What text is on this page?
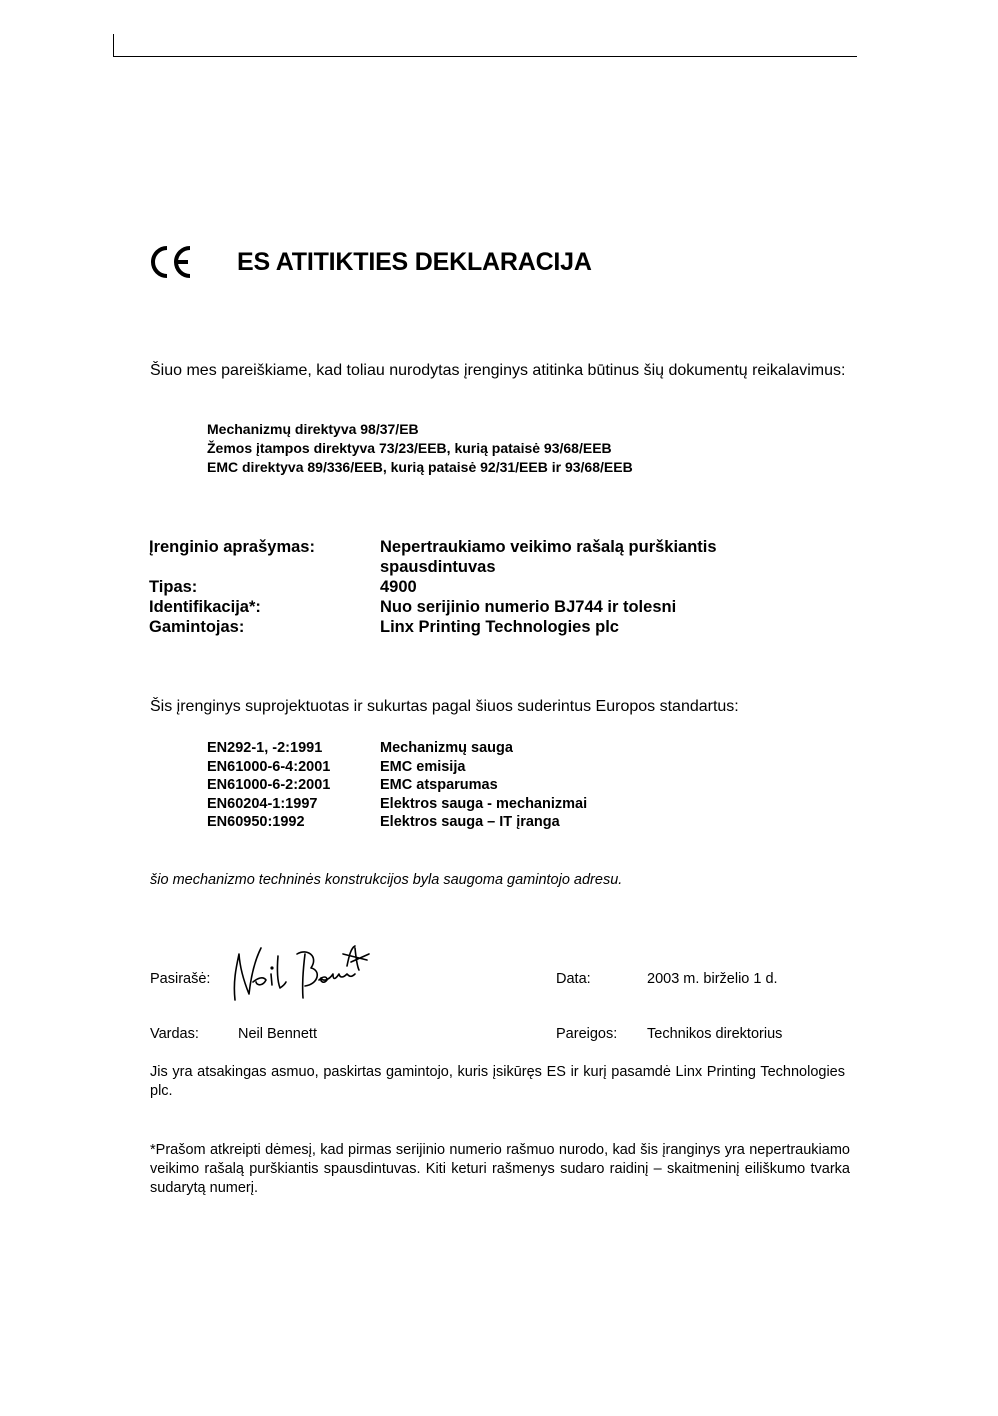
ES ATITIKTIES DEKLARACIJA
Šiuo mes pareiškiame, kad toliau nurodytas įrenginys atitinka būtinus šių dokumentų reikalavimus:
Mechanizmų direktyva 98/37/EB
Žemos įtampos direktyva 73/23/EEB, kurią pataisė 93/68/EEB
EMC direktyva 89/336/EEB, kurią pataisė 92/31/EEB ir 93/68/EEB
Įrenginio aprašymas:	Nepertraukiamo veikimo rašalą purškiantis spausdintuvas
Tipas:	4900
Identifikacija*:	Nuo serijinio numerio BJ744 ir tolesni
Gamintojas:	Linx Printing Technologies plc
Šis įrenginys suprojektuotas ir sukurtas pagal šiuos suderintus Europos standartus:
EN292-1, -2:1991	Mechanizmų sauga
EN61000-6-4:2001	EMC emisija
EN61000-6-2:2001	EMC atsparumas
EN60204-1:1997	Elektros sauga - mechanizmai
EN60950:1992	Elektros sauga – IT įranga
šio mechanizmo techninės konstrukcijos byla saugoma gamintojo adresu.
Pasirašė:	Data:	2003 m. birželio 1 d.
Vardas:	Neil Bennett	Pareigos: Technikos direktorius
Jis yra atsakingas asmuo, paskirtas gamintojo, kuris įsikūręs ES ir kurį pasamdė Linx Printing Technologies plc.
*Prašom atkreipti dėmesį, kad pirmas serijinio numerio rašmuo nurodo, kad šis įranginys yra nepertraukiamo veikimo rašalą purškiantis spausdintuvas. Kiti keturi rašmenys sudaro raidinį – skaitmeninį eiliškumo tvarka sudarytą numerį.
